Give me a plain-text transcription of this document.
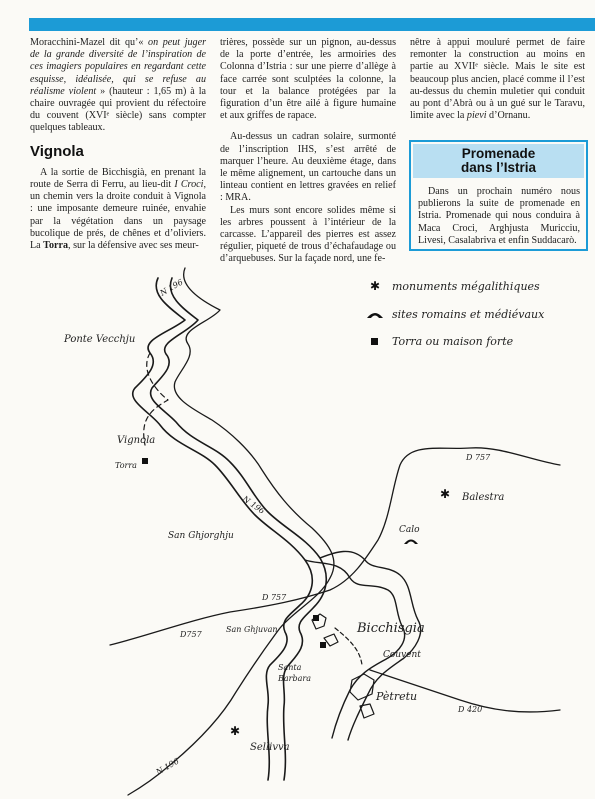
Moracchini-Mazel dit qu’« on peut juger de la grande diversité de l’inspiration de ces imagiers populaires en regardant cette esquisse, idéalisée, qui se refuse au réalisme violent » (hauteur : 1,65 m) à la chaire ouvragée qui provient du réfectoire du couvent (XVIᵉ siècle) sans compter quelques tableaux.

Vignola

A la sortie de Bicchisgià, en prenant la route de Serra di Ferru, au lieu-dit I Croci, un chemin vers la droite conduit à Vignola : une imposante demeure ruinée, envahie par la végétation dans un paysage bucolique de prés, de chênes et d’oliviers. La Torra, sur la défensive avec ses meur-

trières, possède sur un pignon, au-dessus de la porte d’entrée, les armoiries des Colonna d’Istria : sur une pierre d’allège à face carrée sont sculptées la colonne, la tour et la balance protégées par la figuration d’un être ailé à figure humaine et aux griffes de rapace.

Au-dessus un cadran solaire, surmonté de l’inscription IHS, s’est arrêté de marquer l’heure. Au deuxième étage, dans le même alignement, un cartouche dans un linteau contient en lettres gravées en relief : MRA.

Les murs sont encore solides même si les arbres poussent à l’intérieur de la carcasse. L’appareil des pierres est assez régulier, piqueté de trous d’échafaudage ou d’arquebuses. Sur la façade nord, une fe-

nêtre à appui mouluré permet de faire remonter la construction au moins en partie au XVIIᵉ siècle. Mais le site est beaucoup plus ancien, placé comme il l’est au-dessus du chemin muletier qui conduit au pont d’Abrà ou à un gué sur le Taravu, limite avec la pievi d’Ornanu.

Promenade
dans l’Istria

Dans un prochain numéro nous publierons la suite de promenade en Istria. Promenade qui nous conduira à Maca Croci, Arghjusta Muricciu, Livesi, Casalabriva et enfin Suddacarò.

✱ monuments mégalithiques
sites romains et médiévaux
Torra ou maison forte
✱
✱
N 196
Ponte Vecchju
Vignola
Torra
N 196
D 757
Balestra
Calo
San Ghjorghju
D 757
D757
San Ghjuvan	Bicchisgia
Couvent
Santa
Barbara
Pètretu
D 420
Sellivva
N 196
